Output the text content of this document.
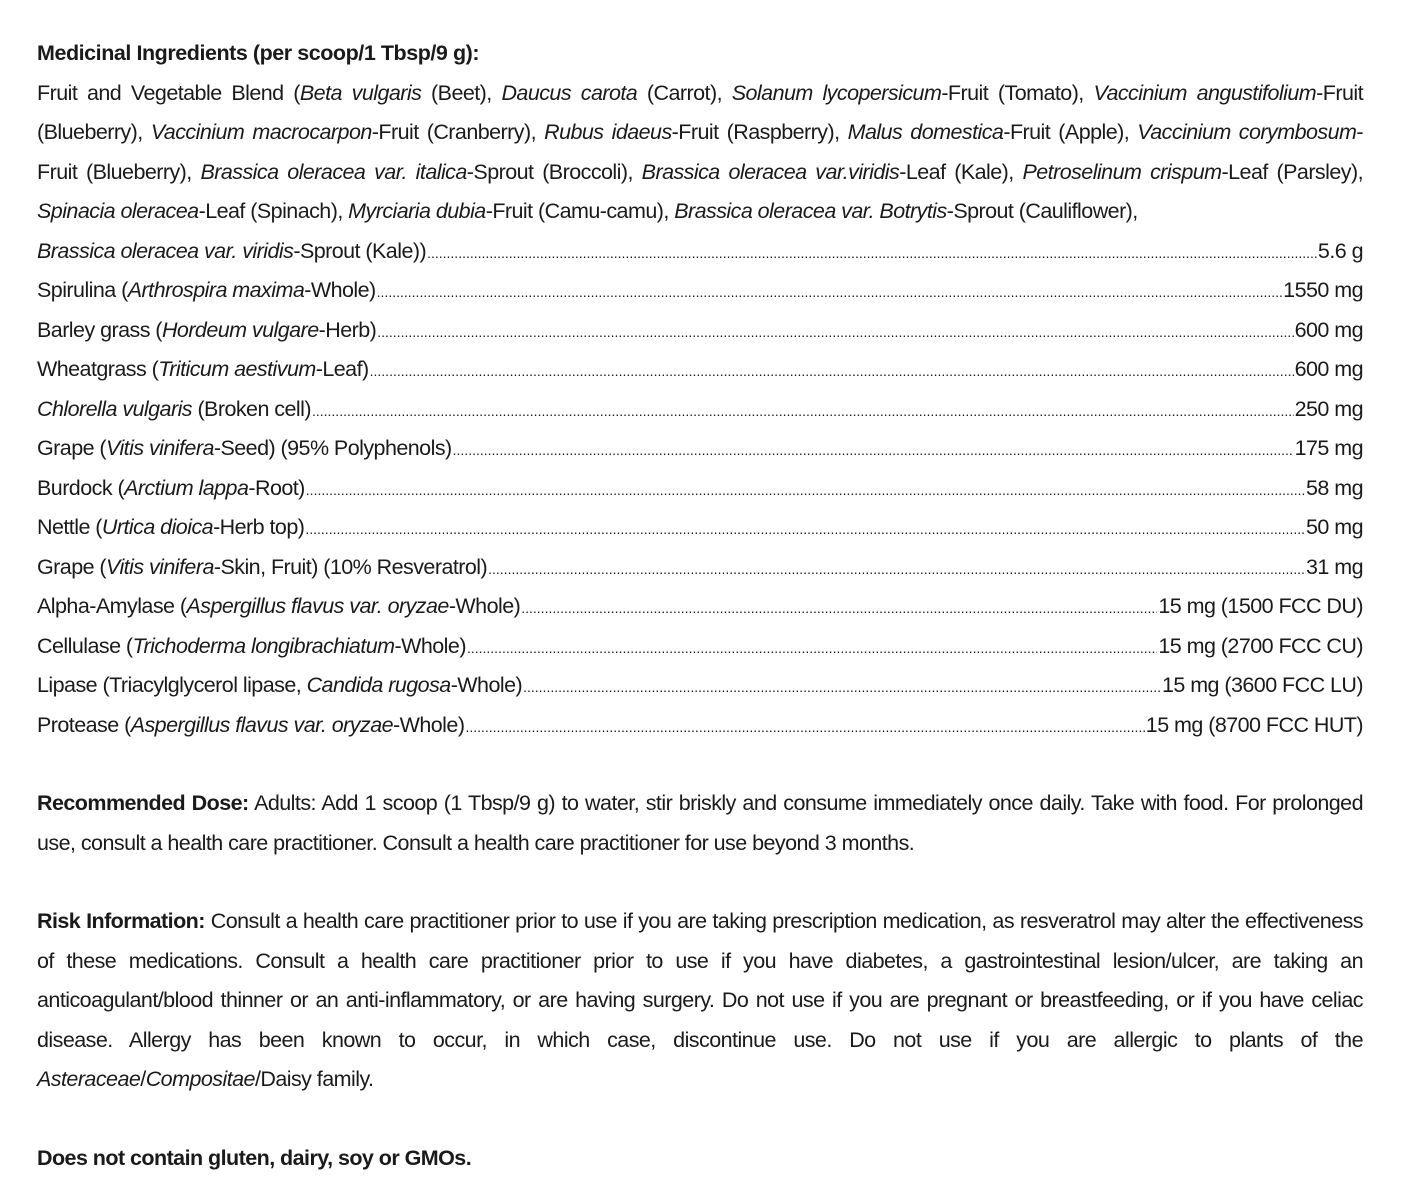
Medicinal Ingredients (per scoop/1 Tbsp/9 g):
Fruit and Vegetable Blend (Beta vulgaris (Beet), Daucus carota (Carrot), Solanum lycopersicum-Fruit (Tomato), Vaccinium angustifolium-Fruit (Blueberry), Vaccinium macrocarpon-Fruit (Cranberry), Rubus idaeus-Fruit (Raspberry), Malus domestica-Fruit (Apple), Vaccinium corymbosum-Fruit (Blueberry), Brassica oleracea var. italica-Sprout (Broccoli), Brassica oleracea var.viridis-Leaf (Kale), Petroselinum crispum-Leaf (Parsley), Spinacia oleracea-Leaf (Spinach), Myrciaria dubia-Fruit (Camu-camu), Brassica oleracea var. Botrytis-Sprout (Cauliflower),
Brassica oleracea var. viridis-Sprout (Kale)) .....	5.6 g
Spirulina (Arthrospira maxima-Whole) .....	1550 mg
Barley grass (Hordeum vulgare-Herb) .....	600 mg
Wheatgrass (Triticum aestivum-Leaf) .....	600 mg
Chlorella vulgaris (Broken cell) .....	250 mg
Grape (Vitis vinifera-Seed) (95% Polyphenols) .....	175 mg
Burdock (Arctium lappa-Root) .....	58 mg
Nettle (Urtica dioica-Herb top) .....	50 mg
Grape (Vitis vinifera-Skin, Fruit) (10% Resveratrol) .....	31 mg
Alpha-Amylase (Aspergillus flavus var. oryzae-Whole) .....	15 mg (1500 FCC DU)
Cellulase (Trichoderma longibrachiatum-Whole) .....	15 mg (2700 FCC CU)
Lipase (Triacylglycerol lipase, Candida rugosa-Whole) .....	15 mg (3600 FCC LU)
Protease (Aspergillus flavus var. oryzae-Whole) .....	15 mg (8700 FCC HUT)
Recommended Dose: Adults: Add 1 scoop (1 Tbsp/9 g) to water, stir briskly and consume immediately once daily. Take with food. For prolonged use, consult a health care practitioner. Consult a health care practitioner for use beyond 3 months.
Risk Information: Consult a health care practitioner prior to use if you are taking prescription medication, as resveratrol may alter the effectiveness of these medications. Consult a health care practitioner prior to use if you have diabetes, a gastrointestinal lesion/ulcer, are taking an anticoagulant/blood thinner or an anti-inflammatory, or are having surgery. Do not use if you are pregnant or breastfeeding, or if you have celiac disease. Allergy has been known to occur, in which case, discontinue use. Do not use if you are allergic to plants of the Asteraceae/Compositae/Daisy family.
Does not contain gluten, dairy, soy or GMOs.
